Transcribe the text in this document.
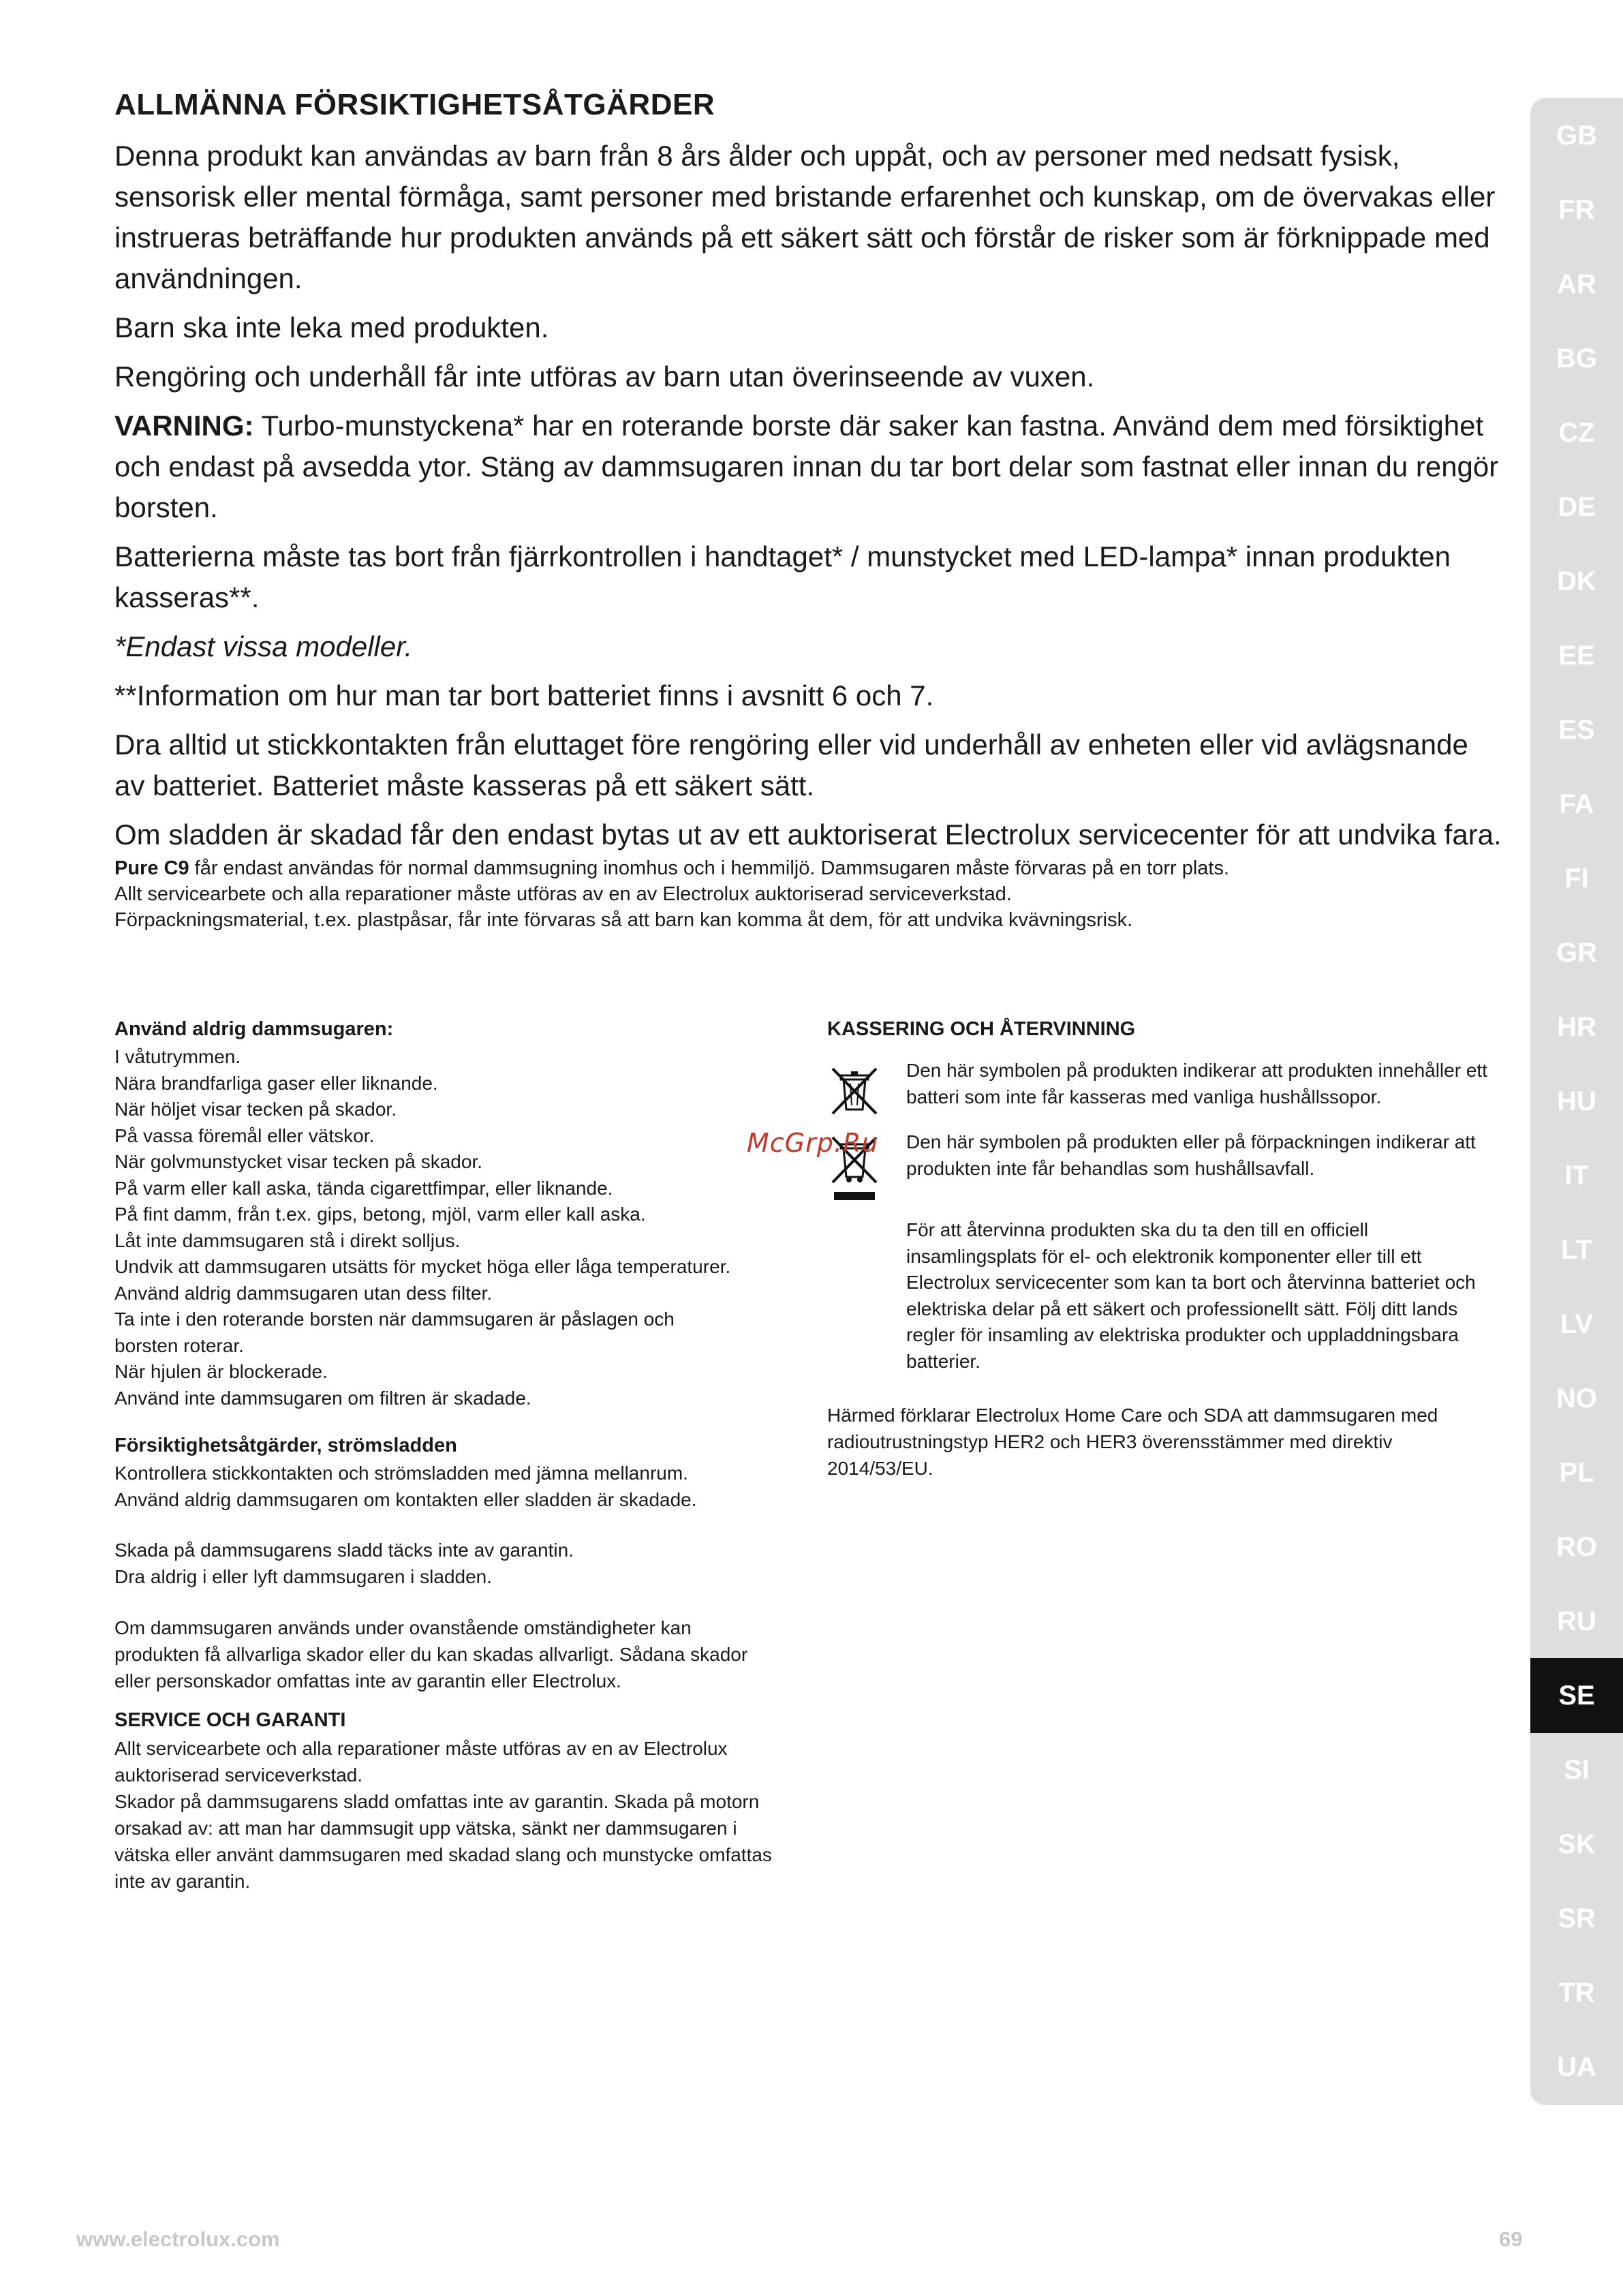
ALLMÄNNA FÖRSIKTIGHETSÅTGÄRDER

Denna produkt kan användas av barn från 8 års ålder och uppåt, och av personer med nedsatt fysisk, sensorisk eller mental förmåga, samt personer med bristande erfarenhet och kunskap, om de övervakas eller instrueras beträffande hur produkten används på ett säkert sätt och förstår de risker som är förknippade med användningen.

Barn ska inte leka med produkten.

Rengöring och underhåll får inte utföras av barn utan överinseende av vuxen.

VARNING: Turbo-munstyckena* har en roterande borste där saker kan fastna. Använd dem med försiktighet och endast på avsedda ytor. Stäng av dammsugaren innan du tar bort delar som fastnat eller innan du rengör borsten.

Batterierna måste tas bort från fjärrkontrollen i handtaget* / munstycket med LED-lampa* innan produkten kasseras**.

*Endast vissa modeller.

**Information om hur man tar bort batteriet finns i avsnitt 6 och 7.

Dra alltid ut stickkontakten från eluttaget före rengöring eller vid underhåll av enheten eller vid avlägsnande av batteriet. Batteriet måste kasseras på ett säkert sätt.

Om sladden är skadad får den endast bytas ut av ett auktoriserat Electrolux servicecenter för att undvika fara.

Pure C9 får endast användas för normal dammsugning inomhus och i hemmiljö. Dammsugaren måste förvaras på en torr plats.

Allt servicearbete och alla reparationer måste utföras av en av Electrolux auktoriserad serviceverkstad.

Förpackningsmaterial, t.ex. plastpåsar, får inte förvaras så att barn kan komma åt dem, för att undvika kvävningsrisk.

Använd aldrig dammsugaren:
I våtutrymmen.
Nära brandfarliga gaser eller liknande.
När höljet visar tecken på skador.
På vassa föremål eller vätskor.
När golvmunstycket visar tecken på skador.
På varm eller kall aska, tända cigarettfimpar, eller liknande.
På fint damm, från t.ex. gips, betong, mjöl, varm eller kall aska.
Låt inte dammsugaren stå i direkt solljus.
Undvik att dammsugaren utsätts för mycket höga eller låga temperaturer.
Använd aldrig dammsugaren utan dess filter.
Ta inte i den roterande borsten när dammsugaren är påslagen och borsten roterar.
När hjulen är blockerade.
Använd inte dammsugaren om filtren är skadade.
Försiktighetsåtgärder, strömsladden
Kontrollera stickkontakten och strömsladden med jämna mellanrum.
Använd aldrig dammsugaren om kontakten eller sladden är skadade.
Skada på dammsugarens sladd täcks inte av garantin.
Dra aldrig i eller lyft dammsugaren i sladden.

Om dammsugaren används under ovanstående omständigheter kan produkten få allvarliga skador eller du kan skadas allvarligt. Sådana skador eller personskador omfattas inte av garantin eller Electrolux.

SERVICE OCH GARANTI

Allt servicearbete och alla reparationer måste utföras av en av Electrolux auktoriserad serviceverkstad.

Skador på dammsugarens sladd omfattas inte av garantin. Skada på motorn orsakad av: att man har dammsugit upp vätska, sänkt ner dammsugaren i vätska eller använt dammsugaren med skadad slang och munstycke omfattas inte av garantin.

KASSERING OCH ÅTERVINNING
Den här symbolen på produkten indikerar att produkten innehåller ett batteri som inte får kasseras med vanliga hushållssopor.
Den här symbolen på produkten eller på förpackningen indikerar att produkten inte får behandlas som hushållsavfall.
För att återvinna produkten ska du ta den till en officiell insamlingsplats för el- och elektronik komponenter eller till ett Electrolux servicecenter som kan ta bort och återvinna batteriet och elektriska delar på ett säkert och professionellt sätt. Följ ditt lands regler för insamling av elektriska produkter och uppladdningsbara batterier.
Härmed förklarar Electrolux Home Care och SDA att dammsugaren med radioutrustningstyp HER2 och HER3 överensstämmer med direktiv 2014/53/EU.
McGrp.Ru
GB
FR
AR
BG
CZ
DE
DK
EE
ES
FA
FI
GR
HR
HU
IT
LT
LV
NO
PL
RO
RU
SE
SI
SK
SR
TR
UA
www.electrolux.com	69
